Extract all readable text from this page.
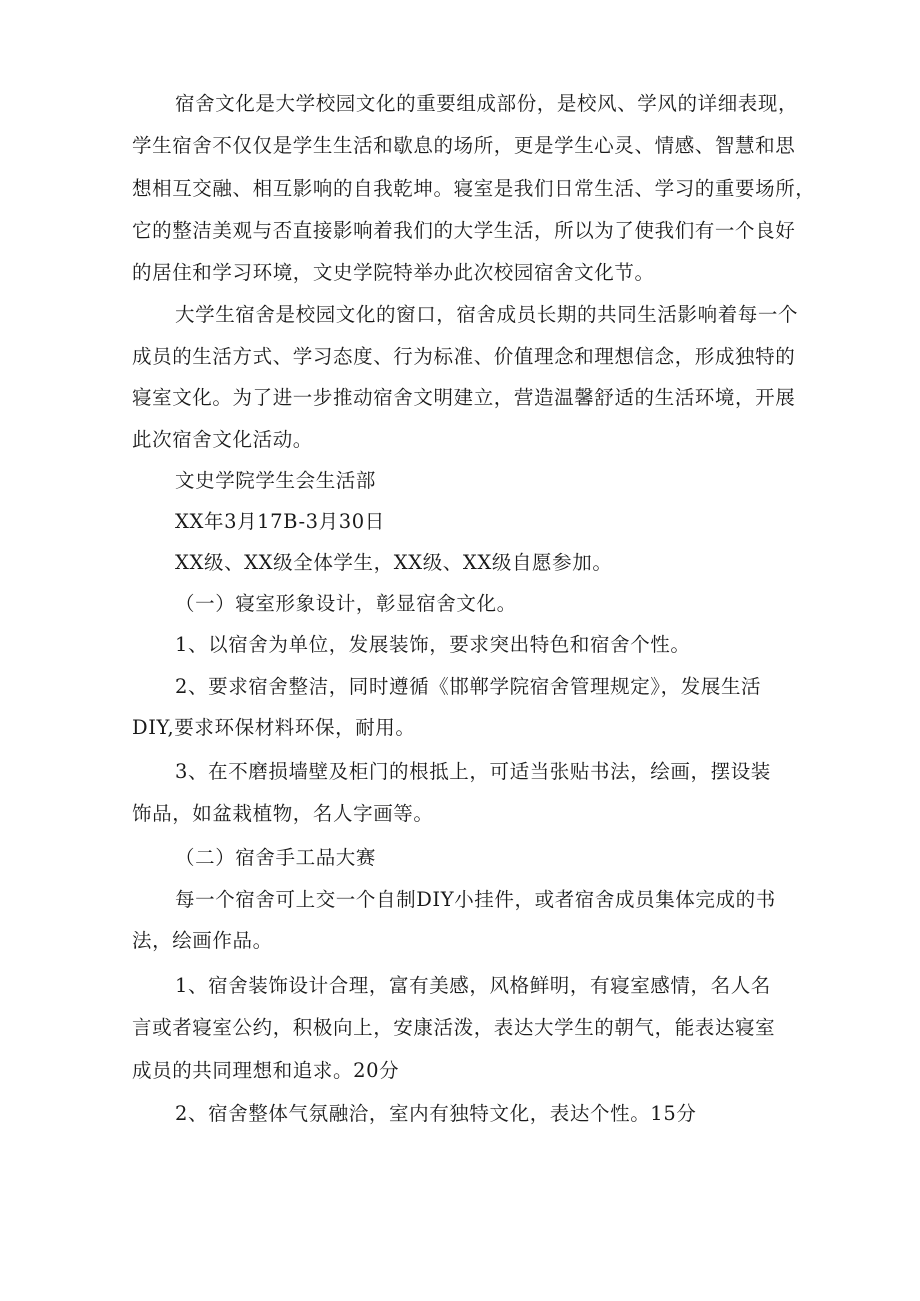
宿舍文化是大学校园文化的重要组成部份，是校风、学风的详细表现，
学生宿舍不仅仅是学生生活和歇息的场所，更是学生心灵、情感、智慧和思
想相互交融、相互影响的自我乾坤。寝室是我们日常生活、学习的重要场所，
它的整洁美观与否直接影响着我们的大学生活，所以为了使我们有一个良好
的居住和学习环境，文史学院特举办此次校园宿舍文化节。
大学生宿舍是校园文化的窗口，宿舍成员长期的共同生活影响着每一个
成员的生活方式、学习态度、行为标准、价值理念和理想信念，形成独特的
寝室文化。为了进一步推动宿舍文明建立，营造温馨舒适的生活环境，开展
此次宿舍文化活动。
文史学院学生会生活部
XX年3月17B-3月30日
XX级、XX级全体学生，XX级、XX级自愿参加。
（一）寝室形象设计，彰显宿舍文化。
1、以宿舍为单位，发展装饰，要求突出特色和宿舍个性。
2、要求宿舍整洁，同时遵循《邯郸学院宿舍管理规定》，发展生活
DIY,要求环保材料环保，耐用。
3、在不磨损墙壁及柜门的根抵上，可适当张贴书法，绘画，摆设装
饰品，如盆栽植物，名人字画等。
（二）宿舍手工品大赛
每一个宿舍可上交一个自制DIY小挂件，或者宿舍成员集体完成的书
法，绘画作品。
1、宿舍装饰设计合理，富有美感，风格鲜明，有寝室感情，名人名
言或者寝室公约，积极向上，安康活泼，表达大学生的朝气，能表达寝室
成员的共同理想和追求。20分
2、宿舍整体气氛融洽，室内有独特文化，表达个性。15分
